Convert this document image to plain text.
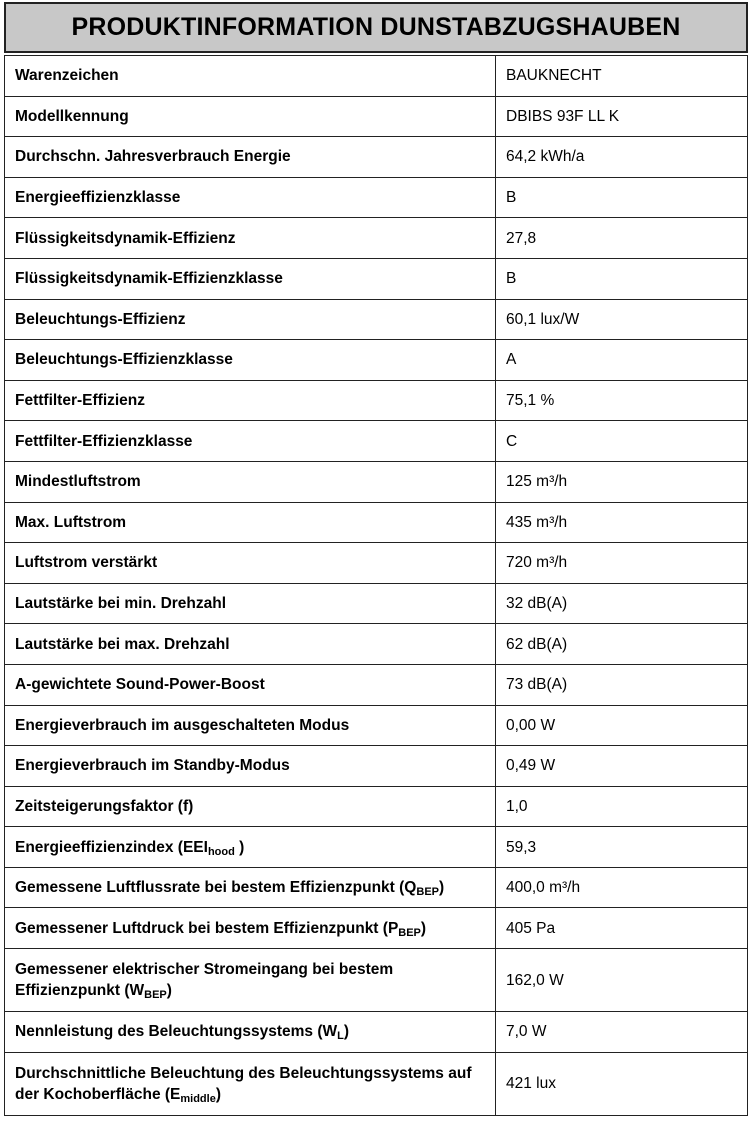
PRODUKTINFORMATION DUNSTABZUGSHAUBEN
Warenzeichen	BAUKNECHT
Modellkennung	DBIBS 93F LL K
Durchschn. Jahresverbrauch Energie	64,2 kWh/a
Energieeffizienzklasse	B
Flüssigkeitsdynamik-Effizienz	27,8
Flüssigkeitsdynamik-Effizienzklasse	B
Beleuchtungs-Effizienz	60,1 lux/W
Beleuchtungs-Effizienzklasse	A
Fettfilter-Effizienz	75,1 %
Fettfilter-Effizienzklasse	C
Mindestluftstrom	125 m³/h
Max. Luftstrom	435 m³/h
Luftstrom verstärkt	720 m³/h
Lautstärke bei min. Drehzahl	32 dB(A)
Lautstärke bei max. Drehzahl	62 dB(A)
A-gewichtete Sound-Power-Boost	73 dB(A)
Energieverbrauch im ausgeschalteten Modus	0,00 W
Energieverbrauch im Standby-Modus	0,49 W
Zeitsteigerungsfaktor (f)	1,0
Energieeffizienzindex ($EEI_{hood}$ )	59,3
Gemessene Luftflussrate bei bestem Effizienzpunkt $(Q_{BEP})$	400,0 m³/h
Gemessener Luftdruck bei bestem Effizienzpunkt $(P_{BEP})$	405 Pa
Gemessener elektrischer Stromeingang bei bestem Effizienzpunkt $(W_{BEP})$	162,0 W
Nennleistung des Beleuchtungssystems $(W_L)$	7,0 W
Durchschnittliche Beleuchtung des Beleuchtungssystems auf der Kochoberfläche $(E_{middle})$	421 lux
